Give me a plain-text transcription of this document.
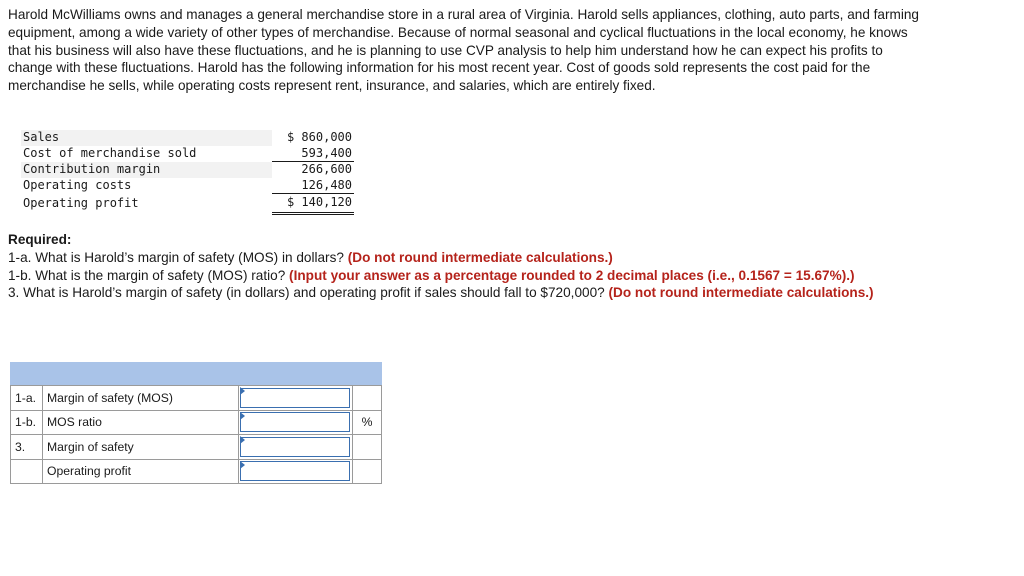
Harold McWilliams owns and manages a general merchandise store in a rural area of Virginia. Harold sells appliances, clothing, auto parts, and farming equipment, among a wide variety of other types of merchandise. Because of normal seasonal and cyclical fluctuations in the local economy, he knows that his business will also have these fluctuations, and he is planning to use CVP analysis to help him understand how he can expect his profits to change with these fluctuations. Harold has the following information for his most recent year. Cost of goods sold represents the cost paid for the merchandise he sells, while operating costs represent rent, insurance, and salaries, which are entirely fixed.

Sales	$ 860,000
Cost of merchandise sold	593,400
Contribution margin	266,600
Operating costs	126,480
Operating profit	$ 140,120
Required:
1-a. What is Harold’s margin of safety (MOS) in dollars? (Do not round intermediate calculations.)
1-b. What is the margin of safety (MOS) ratio? (Input your answer as a percentage rounded to 2 decimal places (i.e., 0.1567 = 15.67%).)
3. What is Harold’s margin of safety (in dollars) and operating profit if sales should fall to $720,000? (Do not round intermediate calculations.)

1-a.	Margin of safety (MOS)	

1-b.	MOS ratio		%
3.	Margin of safety	

	Operating profit	
